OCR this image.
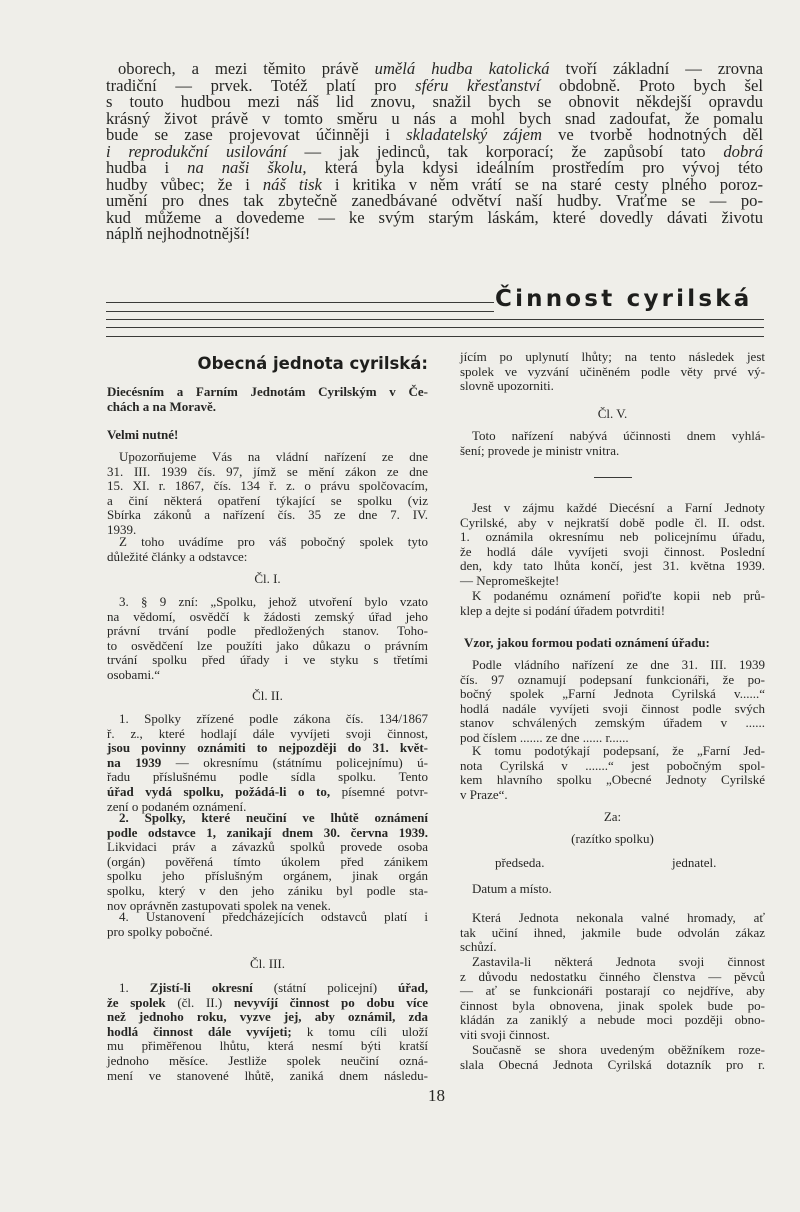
oborech, a mezi těmito právě umělá hudba katolická tvoří základní — zrovna
tradiční — prvek. Totéž platí pro sféru křesťanství obdobně. Proto bych šel
s touto hudbou mezi náš lid znovu, snažil bych se obnovit někdejší opravdu
krásný život právě v tomto směru u nás a mohl bych snad zadoufat, že pomalu
bude se zase projevovat účinněji i skladatelský zájem ve tvorbě hodnotných děl
i reprodukční usilování — jak jedinců, tak korporací; že zapůsobí tato dobrá
hudba i na naši školu, která byla kdysi ideálním prostředím pro vývoj této
hudby vůbec; že i náš tisk i kritika v něm vrátí se na staré cesty plného poroz-
umění pro dnes tak zbytečně zanedbávané odvětví naší hudby. Vraťme se — po-
kud můžeme a dovedeme — ke svým starým láskám, které dovedly dávati životu
náplň nejhodnotnější!
Činnost cyrilská
Obecná jednota cyrilská:
Diecésním a Farním Jednotám Cyrilským v Če-
chách a na Moravě.
Velmi nutné!
Upozorňujeme Vás na vládní nařízení ze dne
31. III. 1939 čís. 97, jímž se mění zákon ze dne
15. XI. r. 1867, čís. 134 ř. z. o právu spolčovacím,
a činí některá opatření týkající se spolku (viz
Sbírka zákonů a nařízení čís. 35 ze dne 7. IV.
1939.
Z toho uvádíme pro váš pobočný spolek tyto
důležité články a odstavce:
Čl. I.
3. § 9 zní: „Spolku, jehož utvoření bylo vzato
na vědomí, osvědčí k žádosti zemský úřad jeho
právní trvání podle předložených stanov. Toho-
to osvědčení lze použíti jako důkazu o právním
trvání spolku před úřady i ve styku s třetími
osobami.“
Čl. II.
1. Spolky zřízené podle zákona čís. 134/1867
ř. z., které hodlají dále vyvíjeti svoji činnost,
jsou povinny oznámiti to nejpozději do 31. květ-
na 1939 — okresnímu (státnímu policejnímu) ú-
řadu příslušnému podle sídla spolku. Tento
úřad vydá spolku, požádá-li o to, písemné potvr-
zení o podaném oznámení.
2. Spolky, které neučiní ve lhůtě oznámení
podle odstavce 1, zanikají dnem 30. června 1939.
Likvidaci práv a závazků spolků provede osoba
(orgán) pověřená tímto úkolem před zánikem
spolku jeho příslušným orgánem, jinak orgán
spolku, který v den jeho zániku byl podle sta-
nov oprávněn zastupovati spolek na venek.
4. Ustanovení předcházejících odstavců platí i
pro spolky pobočné.
Čl. III.
1. Zjistí-li okresní (státní policejní) úřad,
že spolek (čl. II.) nevyvíjí činnost po dobu více
než jednoho roku, vyzve jej, aby oznámil, zda
hodlá činnost dále vyvíjeti; k tomu cíli uloží
mu přiměřenou lhůtu, která nesmí býti kratší
jednoho měsíce. Jestliže spolek neučiní ozná-
mení ve stanovené lhůtě, zaniká dnem následu-
jícím po uplynutí lhůty; na tento následek jest
spolek ve vyzvání učiněném podle věty prvé vý-
slovně upozorniti.
Čl. V.
Toto nařízení nabývá účinnosti dnem vyhlá-
šení; provede je ministr vnitra.
Jest v zájmu každé Diecésní a Farní Jednoty
Cyrilské, aby v nejkratší době podle čl. II. odst.
1. oznámila okresnímu neb policejnímu úřadu,
že hodlá dále vyvíjeti svoji činnost. Poslední
den, kdy tato lhůta končí, jest 31. května 1939.
— Nepromeškejte!
K podanému oznámení pořiďte kopii neb prů-
klep a dejte si podání úřadem potvrditi!
Vzor, jakou formou podati oznámení úřadu:
Podle vládního nařízení ze dne 31. III. 1939
čís. 97 oznamují podepsaní funkcionáři, že po-
bočný spolek „Farní Jednota Cyrilská v......“
hodlá nadále vyvíjeti svoji činnost podle svých
stanov schválených zemským úřadem v ......
pod číslem ....... ze dne ...... r......
K tomu podotýkají podepsaní, že „Farní Jed-
nota Cyrilská v .......“ jest pobočným spol-
kem hlavního spolku „Obecné Jednoty Cyrilské
v Praze“.
Za:
(razítko spolku)
předseda.	jednatel.
Datum a místo.
Která Jednota nekonala valné hromady, ať
tak učiní ihned, jakmile bude odvolán zákaz
schůzí.
Zastavila-li některá Jednota svoji činnost
z důvodu nedostatku činného členstva — pěvců
— ať se funkcionáři postarají co nejdříve, aby
činnost byla obnovena, jinak spolek bude po-
kládán za zaniklý a nebude moci později obno-
viti svoji činnost.
Současně se shora uvedeným oběžníkem roze-
slala Obecná Jednota Cyrilská dotazník pro r.
18
